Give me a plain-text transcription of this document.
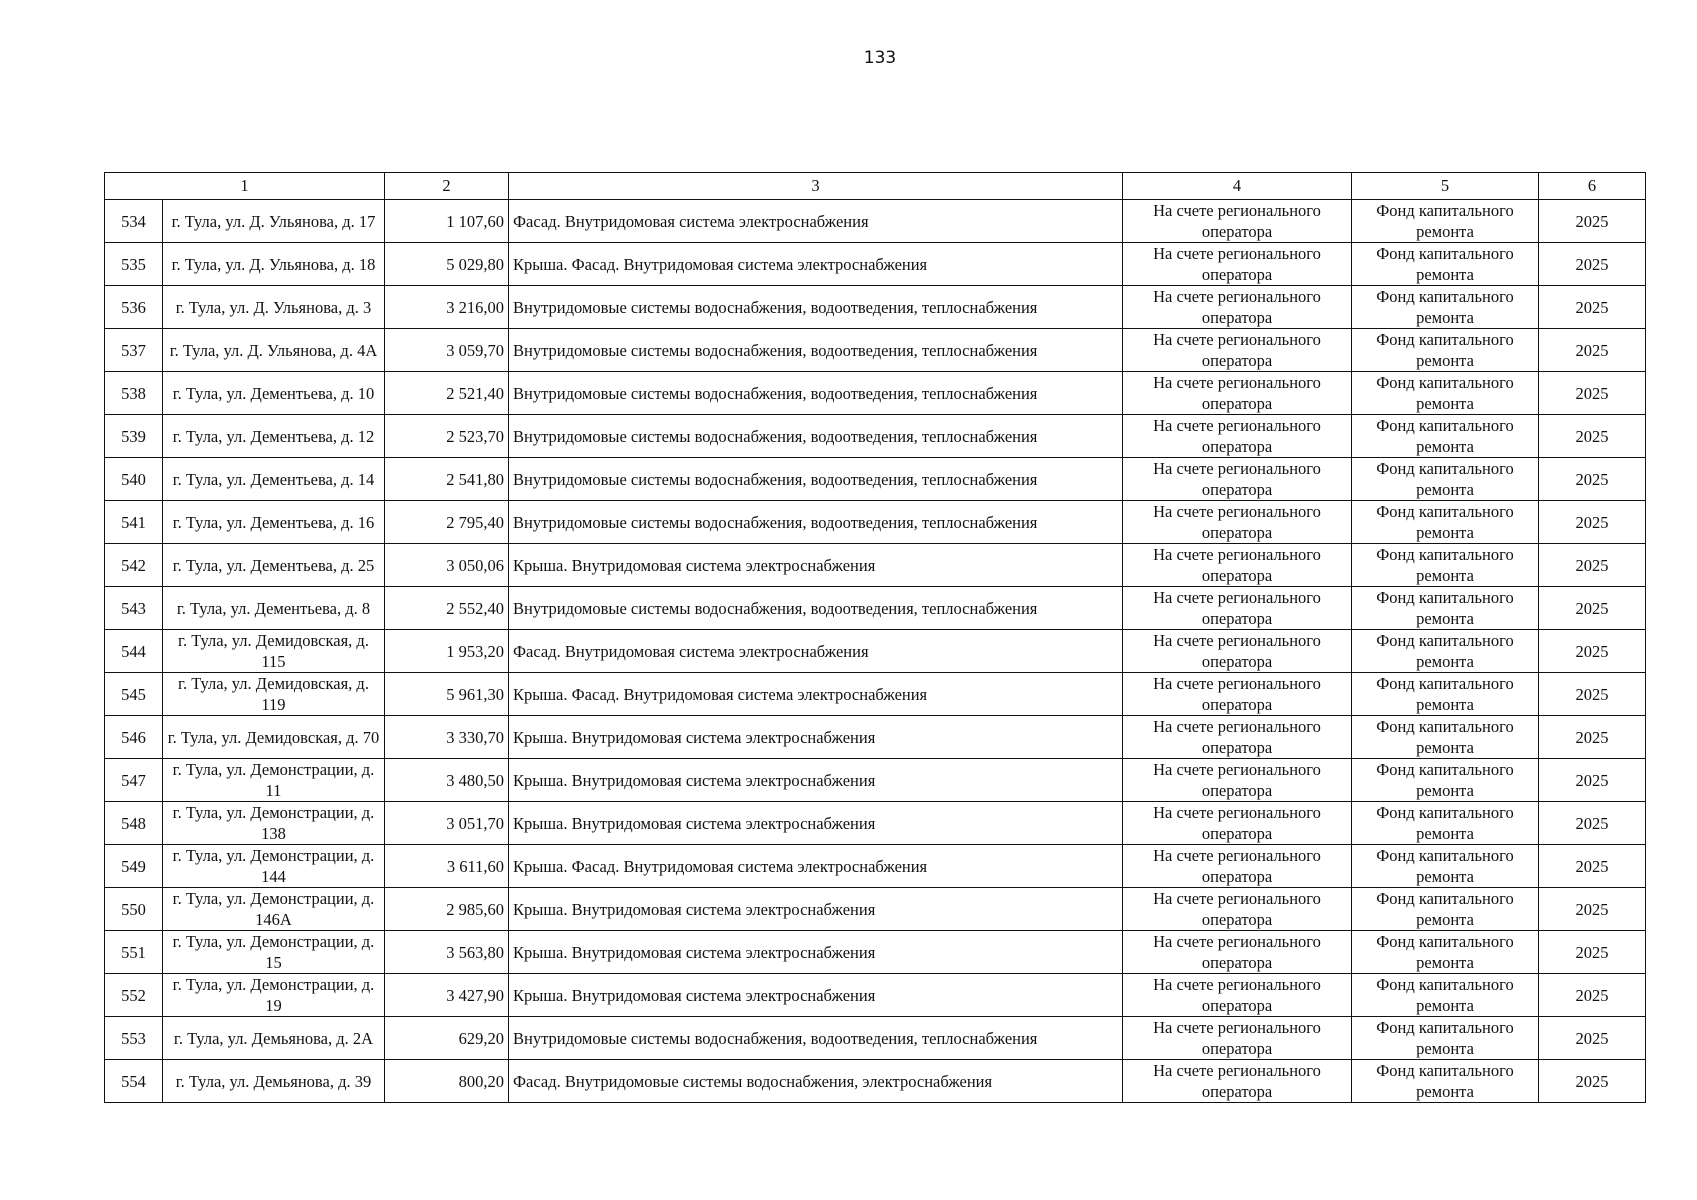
133
1		2	3	4	5	6
534	г. Тула, ул. Д. Ульянова, д. 17	1 107,60	Фасад. Внутридомовая система электроснабжения	На счете регионального оператора	Фонд капитального ремонта	2025
535	г. Тула, ул. Д. Ульянова, д. 18	5 029,80	Крыша. Фасад. Внутридомовая система электроснабжения	На счете регионального оператора	Фонд капитального ремонта	2025
536	г. Тула, ул. Д. Ульянова, д. 3	3 216,00	Внутридомовые системы водоснабжения, водоотведения, теплоснабжения	На счете регионального оператора	Фонд капитального ремонта	2025
537	г. Тула, ул. Д. Ульянова, д. 4А	3 059,70	Внутридомовые системы водоснабжения, водоотведения, теплоснабжения	На счете регионального оператора	Фонд капитального ремонта	2025
538	г. Тула, ул. Дементьева, д. 10	2 521,40	Внутридомовые системы водоснабжения, водоотведения, теплоснабжения	На счете регионального оператора	Фонд капитального ремонта	2025
539	г. Тула, ул. Дементьева, д. 12	2 523,70	Внутридомовые системы водоснабжения, водоотведения, теплоснабжения	На счете регионального оператора	Фонд капитального ремонта	2025
540	г. Тула, ул. Дементьева, д. 14	2 541,80	Внутридомовые системы водоснабжения, водоотведения, теплоснабжения	На счете регионального оператора	Фонд капитального ремонта	2025
541	г. Тула, ул. Дементьева, д. 16	2 795,40	Внутридомовые системы водоснабжения, водоотведения, теплоснабжения	На счете регионального оператора	Фонд капитального ремонта	2025
542	г. Тула, ул. Дементьева, д. 25	3 050,06	Крыша. Внутридомовая система электроснабжения	На счете регионального оператора	Фонд капитального ремонта	2025
543	г. Тула, ул. Дементьева, д. 8	2 552,40	Внутридомовые системы водоснабжения, водоотведения, теплоснабжения	На счете регионального оператора	Фонд капитального ремонта	2025
544	г. Тула, ул. Демидовская, д. 115	1 953,20	Фасад. Внутридомовая система электроснабжения	На счете регионального оператора	Фонд капитального ремонта	2025
545	г. Тула, ул. Демидовская, д. 119	5 961,30	Крыша. Фасад. Внутридомовая система электроснабжения	На счете регионального оператора	Фонд капитального ремонта	2025
546	г. Тула, ул. Демидовская, д. 70	3 330,70	Крыша. Внутридомовая система электроснабжения	На счете регионального оператора	Фонд капитального ремонта	2025
547	г. Тула, ул. Демонстрации, д. 11	3 480,50	Крыша. Внутридомовая система электроснабжения	На счете регионального оператора	Фонд капитального ремонта	2025
548	г. Тула, ул. Демонстрации, д. 138	3 051,70	Крыша. Внутридомовая система электроснабжения	На счете регионального оператора	Фонд капитального ремонта	2025
549	г. Тула, ул. Демонстрации, д. 144	3 611,60	Крыша. Фасад. Внутридомовая система электроснабжения	На счете регионального оператора	Фонд капитального ремонта	2025
550	г. Тула, ул. Демонстрации, д. 146А	2 985,60	Крыша. Внутридомовая система электроснабжения	На счете регионального оператора	Фонд капитального ремонта	2025
551	г. Тула, ул. Демонстрации, д. 15	3 563,80	Крыша. Внутридомовая система электроснабжения	На счете регионального оператора	Фонд капитального ремонта	2025
552	г. Тула, ул. Демонстрации, д. 19	3 427,90	Крыша. Внутридомовая система электроснабжения	На счете регионального оператора	Фонд капитального ремонта	2025
553	г. Тула, ул. Демьянова, д. 2А	629,20	Внутридомовые системы водоснабжения, водоотведения, теплоснабжения	На счете регионального оператора	Фонд капитального ремонта	2025
554	г. Тула, ул. Демьянова, д. 39	800,20	Фасад. Внутридомовые системы водоснабжения, электроснабжения	На счете регионального оператора	Фонд капитального ремонта	2025
